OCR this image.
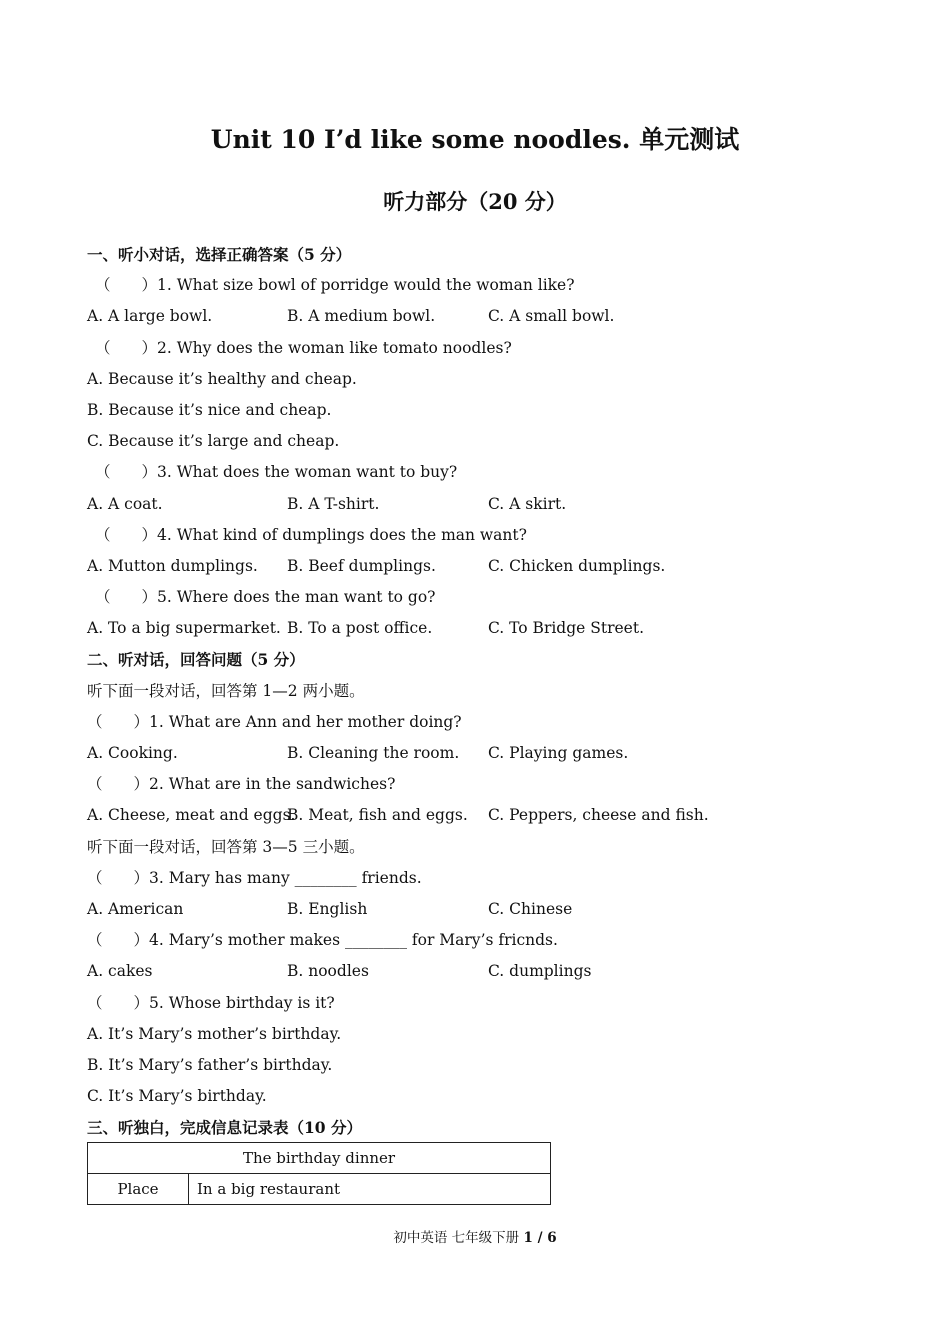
Unit 10 I’d like some noodles. 单元测试
听力部分（20 分）
一、听小对话，选择正确答案（5 分）
（　　）1. What size bowl of porridge would the woman like?
A. A large bowl.	B. A medium bowl.	C. A small bowl.
（　　）2. Why does the woman like tomato noodles?
A. Because it’s healthy and cheap.
B. Because it’s nice and cheap.
C. Because it’s large and cheap.
（　　）3. What does the woman want to buy?
A. A coat.	B. A T-shirt.	C. A skirt.
（　　）4. What kind of dumplings does the man want?
A. Mutton dumplings. B. Beef dumplings.	C. Chicken dumplings.
（　　）5. Where does the man want to go?
A. To a big supermarket. B. To a post office.	C. To Bridge Street.
二、听对话，回答问题（5 分）
听下面一段对话，回答第 1—2 两小题。
（　　）1. What are Ann and her mother doing?
A. Cooking.	B. Cleaning the room. C. Playing games.
（　　）2. What are in the sandwiches?
A. Cheese, meat and eggs.
B. Meat, fish and eggs. C. Peppers, cheese and fish.
听下面一段对话，回答第 3—5 三小题。
（　　）3. Mary has many ________ friends.
A. American	B. English	C. Chinese
（　　）4. Mary’s mother makes ________ for Mary’s fricnds.
A. cakes	B. noodles	C. dumplings
（　　）5. Whose birthday is it?
A. It’s Mary’s mother’s birthday.
B. It’s Mary’s father’s birthday.
C. It’s Mary’s birthday.
三、听独白，完成信息记录表（10 分）
The birthday dinner
Place	In a big restaurant
初中英语 七年级下册 1 / 6
